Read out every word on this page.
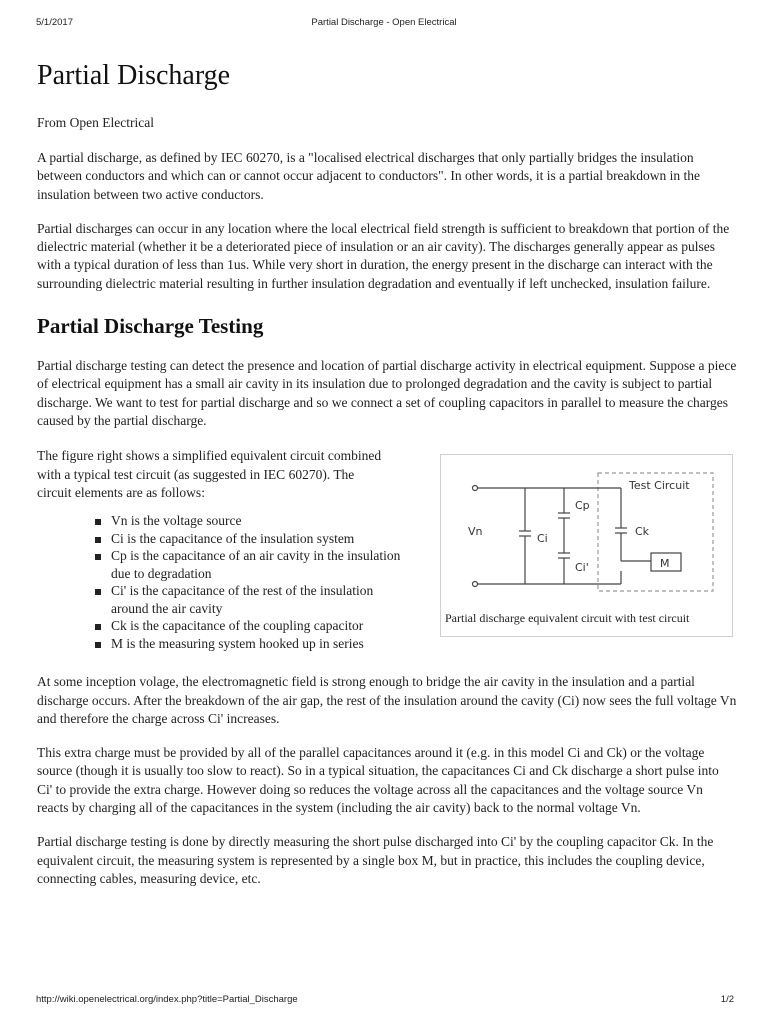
5/1/2017	Partial Discharge - Open Electrical
Partial Discharge
From Open Electrical

A partial discharge, as defined by IEC 60270, is a "localised electrical discharges that only partially bridges the insulation between conductors and which can or cannot occur adjacent to conductors". In other words, it is a partial breakdown in the insulation between two active conductors.

Partial discharges can occur in any location where the local electrical field strength is sufficient to breakdown that portion of the dielectric material (whether it be a deteriorated piece of insulation or an air cavity). The discharges generally appear as pulses with a typical duration of less than 1us. While very short in duration, the energy present in the discharge can interact with the surrounding dielectric material resulting in further insulation degradation and eventually if left unchecked, insulation failure.

Partial Discharge Testing

Partial discharge testing can detect the presence and location of partial discharge activity in electrical equipment. Suppose a piece of electrical equipment has a small air cavity in its insulation due to prolonged degradation and the cavity is subject to partial discharge. We want to test for partial discharge and so we connect a set of coupling capacitors in parallel to measure the charges caused by the partial discharge.

The figure right shows a simplified equivalent circuit combined with a typical test circuit (as suggested in IEC 60270). The circuit elements are as follows:

Vn is the voltage source
Ci is the capacitance of the insulation system
Cp is the capacitance of an air cavity in the insulation due to degradation
Ci' is the capacitance of the rest of the insulation around the air cavity
Ck is the capacitance of the coupling capacitor
M is the measuring system hooked up in series
Test Circuit
Vn
Cp
Ci
Ci'
Ck
M
Partial discharge equivalent circuit with test circuit

At some inception volage, the electromagnetic field is strong enough to bridge the air cavity in the insulation and a partial discharge occurs. After the breakdown of the air gap, the rest of the insulation around the cavity (Ci) now sees the full voltage Vn and therefore the charge across Ci' increases.

This extra charge must be provided by all of the parallel capacitances around it (e.g. in this model Ci and Ck) or the voltage source (though it is usually too slow to react). So in a typical situation, the capacitances Ci and Ck discharge a short pulse into Ci' to provide the extra charge. However doing so reduces the voltage across all the capacitances and the voltage source Vn reacts by charging all of the capacitances in the system (including the air cavity) back to the normal voltage Vn.

Partial discharge testing is done by directly measuring the short pulse discharged into Ci' by the coupling capacitor Ck. In the equivalent circuit, the measuring system is represented by a single box M, but in practice, this includes the coupling device, connecting cables, measuring device, etc.

http://wiki.openelectrical.org/index.php?title=Partial_Discharge	1/2
